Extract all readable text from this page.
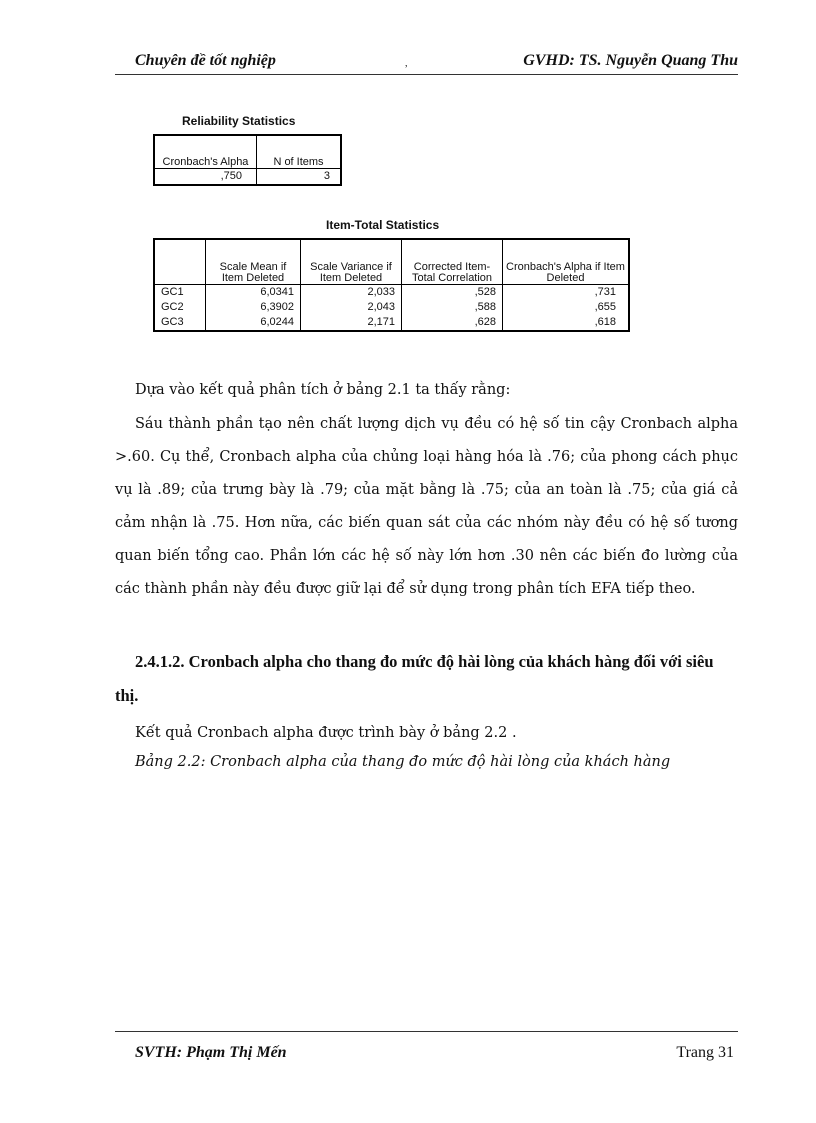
Chuyên đề tốt nghiệp	,	GVHD: TS. Nguyễn Quang Thu
Reliability Statistics
Cronbach's Alpha	N of Items
,750	3
Item-Total Statistics
	Scale Mean if Item Deleted	Scale Variance if Item Deleted	Corrected Item-Total Correlation	Cronbach's Alpha if Item Deleted
GC1	6,0341	2,033	,528	,731
GC2	6,3902	2,043	,588	,655
GC3	6,0244	2,171	,628	,618
Dựa vào kết quả phân tích ở bảng 2.1 ta thấy rằng:
Sáu thành phần tạo nên chất lượng dịch vụ đều có hệ số tin cậy Cronbach alpha >.60. Cụ thể, Cronbach alpha của chủng loại hàng hóa là .76; của phong cách phục vụ là .89; của trưng bày là .79; của mặt bằng là .75; của an toàn là .75; của giá cả cảm nhận là .75. Hơn nữa, các biến quan sát của các nhóm này đều có hệ số tương quan biến tổng cao. Phần lớn các hệ số này lớn hơn .30 nên các biến đo lường của các thành phần này đều được giữ lại để sử dụng trong phân tích EFA tiếp theo.
2.4.1.2. Cronbach alpha cho thang đo mức độ hài lòng của khách hàng đối với siêu thị.
Kết quả Cronbach alpha được trình bày ở bảng 2.2 .
Bảng 2.2: Cronbach alpha của thang đo mức độ hài lòng của khách hàng
SVTH: Phạm Thị Mến	Trang 31
